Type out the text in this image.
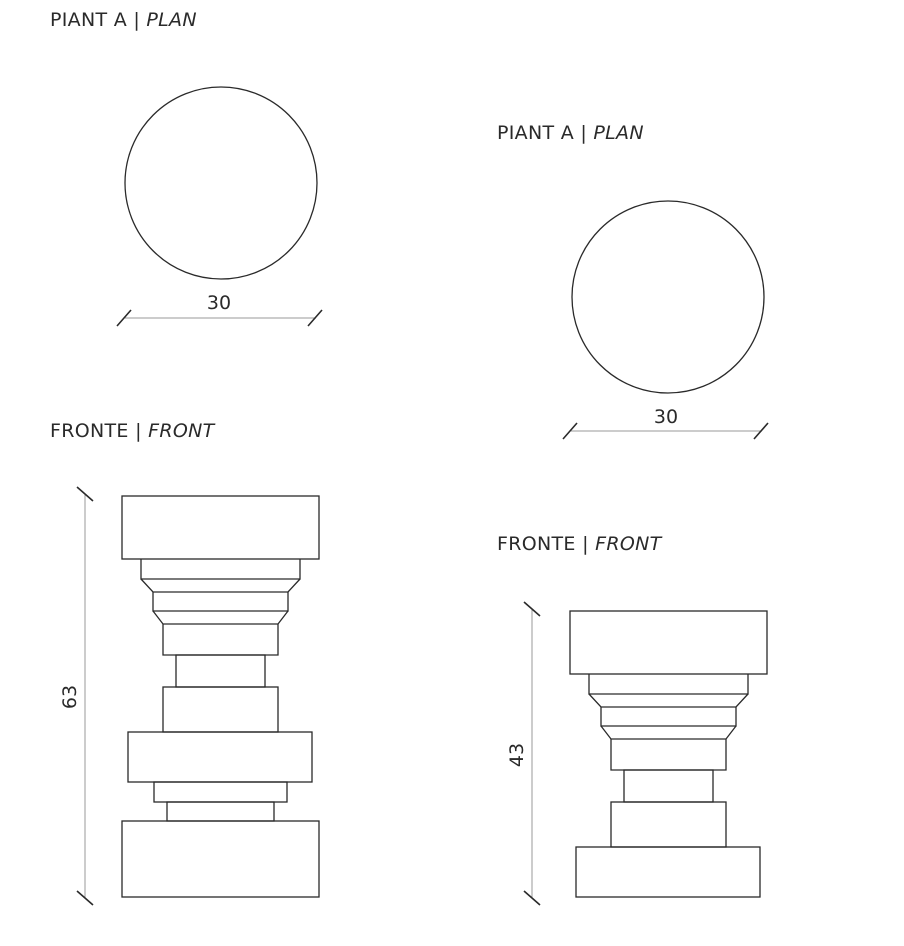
PIANT A | PLAN
PIANT A | PLAN
FRONTE | FRONT
FRONTE | FRONT
30
30
63
43
